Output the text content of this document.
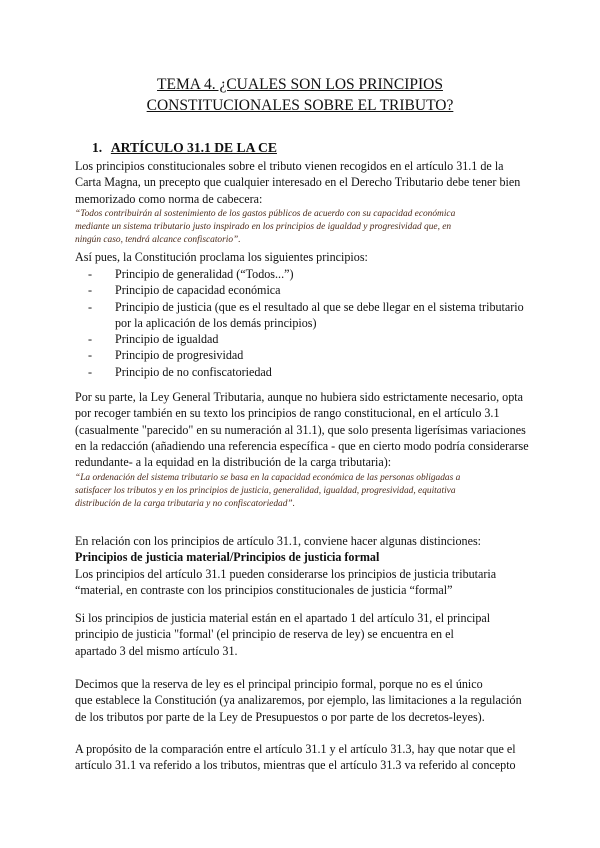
TEMA 4. ¿CUALES SON LOS PRINCIPIOS
CONSTITUCIONALES SOBRE EL TRIBUTO?
1. ARTÍCULO 31.1 DE LA CE
Los principios constitucionales sobre el tributo vienen recogidos en el artículo 31.1 de la
Carta Magna, un precepto que cualquier interesado en el Derecho Tributario debe tener bien
memorizado como norma de cabecera:
“Todos contribuirán al sostenimiento de los gastos públicos de acuerdo con su capacidad económica
mediante un sistema tributario justo inspirado en los principios de igualdad y progresividad que, en
ningún caso, tendrá alcance confiscatorio”.
Así pues, la Constitución proclama los siguientes principios:
- Principio de generalidad (“Todos...”)
- Principio de capacidad económica
- Principio de justicia (que es el resultado al que se debe llegar en el sistema tributario
por la aplicación de los demás principios)
- Principio de igualdad
- Principio de progresividad
- Principio de no confiscatoriedad
Por su parte, la Ley General Tributaria, aunque no hubiera sido estrictamente necesario, opta
por recoger también en su texto los principios de rango constitucional, en el artículo 3.1
(casualmente "parecido" en su numeración al 31.1), que solo presenta ligerísimas variaciones
en la redacción (añadiendo una referencia específica - que en cierto modo podría considerarse
redundante- a la equidad en la distribución de la carga tributaria):
“La ordenación del sistema tributario se basa en la capacidad económica de las personas obligadas a
satisfacer los tributos y en los principios de justicia, generalidad, igualdad, progresividad, equitativa
distribución de la carga tributaria y no confiscatoriedad”.
En relación con los principios de artículo 31.1, conviene hacer algunas distinciones:
Principios de justicia material/Principios de justicia formal
Los principios del artículo 31.1 pueden considerarse los principios de justicia tributaria
“material, en contraste con los principios constitucionales de justicia “formal”
Si los principios de justicia material están en el apartado 1 del artículo 31, el principal
principio de justicia "formal' (el principio de reserva de ley) se encuentra en el
apartado 3 del mismo artículo 31.
Decimos que la reserva de ley es el principal principio formal, porque no es el único
que establece la Constitución (ya analizaremos, por ejemplo, las limitaciones a la regulación
de los tributos por parte de la Ley de Presupuestos o por parte de los decretos-leyes).
A propósito de la comparación entre el artículo 31.1 y el artículo 31.3, hay que notar que el
artículo 31.1 va referido a los tributos, mientras que el artículo 31.3 va referido al concepto
